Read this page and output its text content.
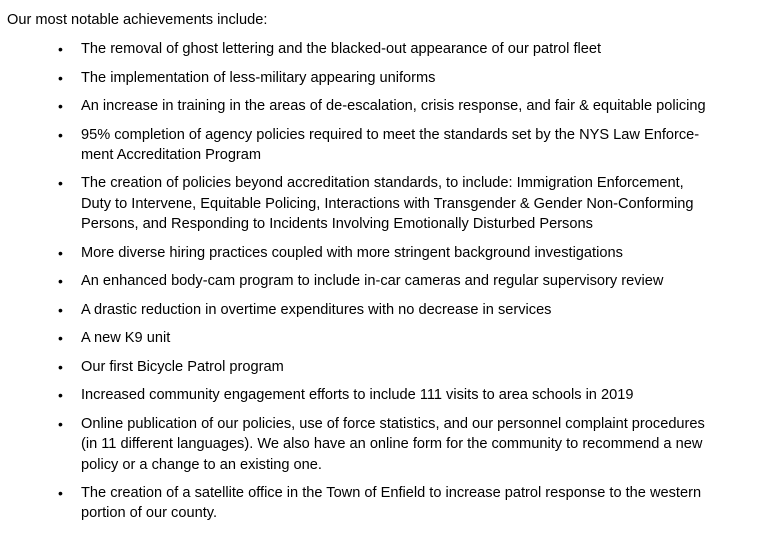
Our most notable achievements include:

•	The removal of ghost lettering and the blacked-out appearance of our patrol fleet
•	The implementation of less-military appearing uniforms
•	An increase in training in the areas of de-escalation, crisis response, and fair & equitable policing
•	95% completion of agency policies required to meet the standards set by the NYS Law Enforce-
ment Accreditation Program
•	The creation of policies beyond accreditation standards, to include: Immigration Enforcement,
Duty to Intervene, Equitable Policing, Interactions with Transgender & Gender Non-Conforming
Persons, and Responding to Incidents Involving Emotionally Disturbed Persons
•	More diverse hiring practices coupled with more stringent background investigations
•	An enhanced body-cam program to include in-car cameras and regular supervisory review
•	A drastic reduction in overtime expenditures with no decrease in services
•	A new K9 unit
•	Our first Bicycle Patrol program
•	Increased community engagement efforts to include 111 visits to area schools in 2019
•	Online publication of our policies, use of force statistics, and our personnel complaint procedures
(in 11 different languages). We also have an online form for the community to recommend a new
policy or a change to an existing one.
•	The creation of a satellite office in the Town of Enfield to increase patrol response to the western
portion of our county.
